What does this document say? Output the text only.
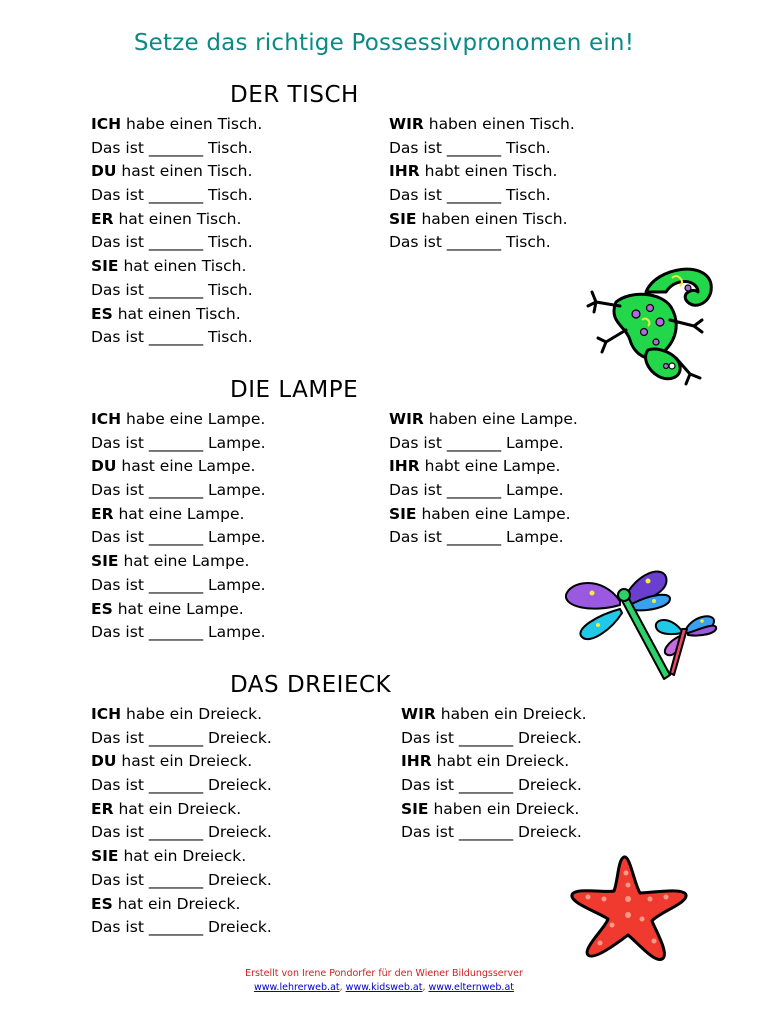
Setze das richtige Possessivpronomen ein!
DER TISCH
ICH habe einen Tisch.
Das ist _______ Tisch.
DU hast einen Tisch.
Das ist _______ Tisch.
ER hat einen Tisch.
Das ist _______ Tisch.
SIE hat einen Tisch.
Das ist _______ Tisch.
ES hat einen Tisch.
Das ist _______ Tisch.
WIR haben einen Tisch.
Das ist _______ Tisch.
IHR habt einen Tisch.
Das ist _______ Tisch.
SIE haben einen Tisch.
Das ist _______ Tisch.
DIE LAMPE
ICH habe eine Lampe.
Das ist _______ Lampe.
DU hast eine Lampe.
Das ist _______ Lampe.
ER hat eine Lampe.
Das ist _______ Lampe.
SIE hat eine Lampe.
Das ist _______ Lampe.
ES hat eine Lampe.
Das ist _______ Lampe.
WIR haben eine Lampe.
Das ist _______ Lampe.
IHR habt eine Lampe.
Das ist _______ Lampe.
SIE haben eine Lampe.
Das ist _______ Lampe.
DAS DREIECK
ICH habe ein Dreieck.
Das ist _______ Dreieck.
DU hast ein Dreieck.
Das ist _______ Dreieck.
ER hat ein Dreieck.
Das ist _______ Dreieck.
SIE hat ein Dreieck.
Das ist _______ Dreieck.
ES hat ein Dreieck.
Das ist _______ Dreieck.
WIR haben ein Dreieck.
Das ist _______ Dreieck.
IHR habt ein Dreieck.
Das ist _______ Dreieck.
SIE haben ein Dreieck.
Das ist _______ Dreieck.
Erstellt von Irene Pondorfer für den Wiener Bildungsserver
www.lehrerweb.at, www.kidsweb.at, www.elternweb.at
